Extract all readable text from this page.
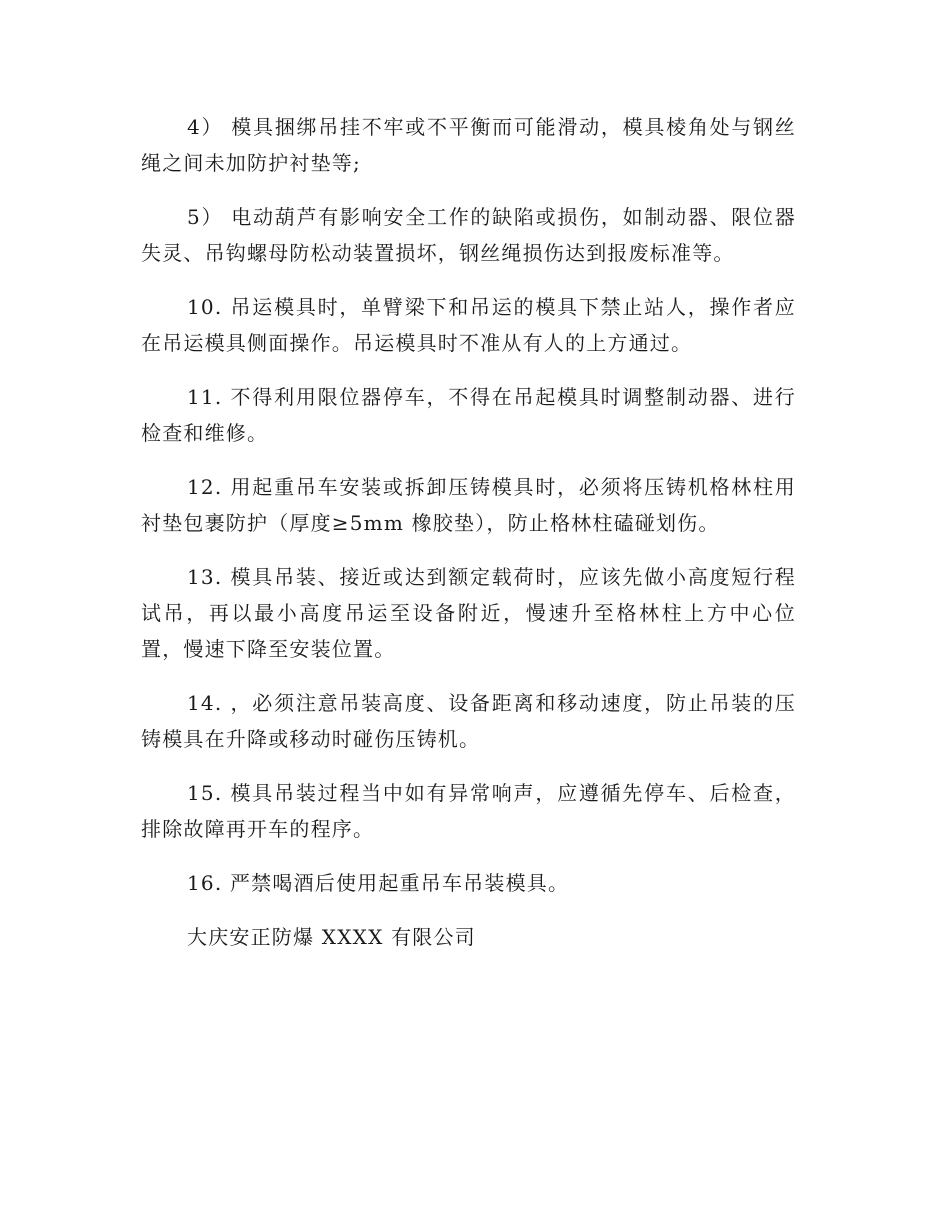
4） 模具捆绑吊挂不牢或不平衡而可能滑动，模具棱角处与钢丝绳之间未加防护衬垫等;

5） 电动葫芦有影响安全工作的缺陷或损伤，如制动器、限位器失灵、吊钩螺母防松动装置损坏，钢丝绳损伤达到报废标准等。

10. 吊运模具时，单臂梁下和吊运的模具下禁止站人，操作者应在吊运模具侧面操作。吊运模具时不准从有人的上方通过。

11. 不得利用限位器停车，不得在吊起模具时调整制动器、进行检查和维修。

12. 用起重吊车安装或拆卸压铸模具时，必须将压铸机格林柱用衬垫包裹防护（厚度≥5mm 橡胶垫），防止格林柱磕碰划伤。

13. 模具吊装、接近或达到额定载荷时，应该先做小高度短行程试吊，再以最小高度吊运至设备附近，慢速升至格林柱上方中心位置，慢速下降至安装位置。

14. ，必须注意吊装高度、设备距离和移动速度，防止吊装的压铸模具在升降或移动时碰伤压铸机。

15. 模具吊装过程当中如有异常响声，应遵循先停车、后检查，排除故障再开车的程序。

16. 严禁喝酒后使用起重吊车吊装模具。

大庆安正防爆 XXXX 有限公司
